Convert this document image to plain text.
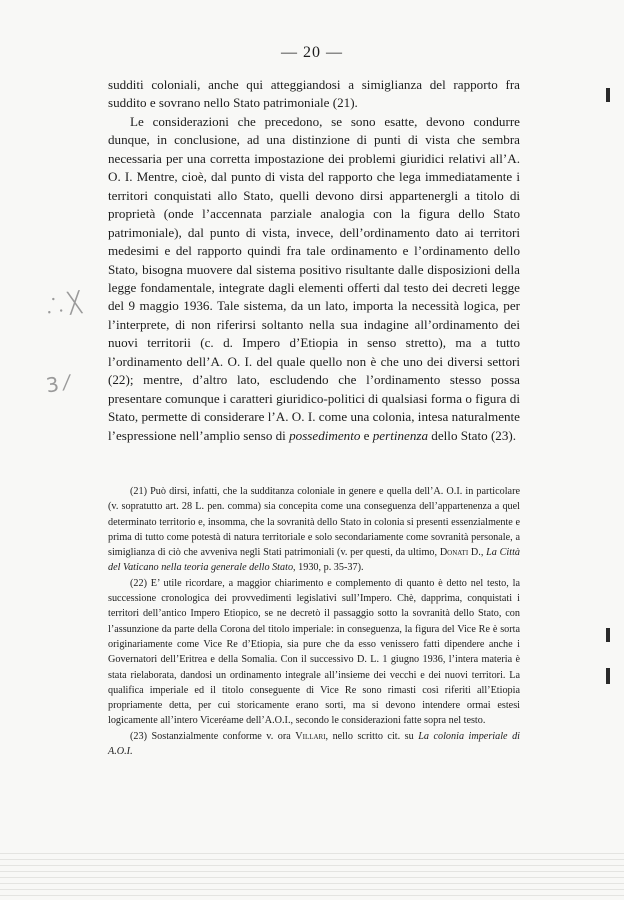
— 20 —
⸫ ╳
3 ⁄

sudditi coloniali, anche qui atteggiandosi a simiglianza del rapporto fra suddito e sovrano nello Stato patrimoniale (21).

Le considerazioni che precedono, se sono esatte, devono condurre dunque, in conclusione, ad una distinzione di punti di vista che sembra necessaria per una corretta impostazione dei problemi giuridici relativi all’A. O. I. Mentre, cioè, dal punto di vista del rapporto che lega immediatamente i territori conquistati allo Stato, quelli devono dirsi appartenergli a titolo di proprietà (onde l’accennata parziale analogia con la figura dello Stato patrimoniale), dal punto di vista, invece, dell’ordinamento dato ai territori medesimi e del rapporto quindi fra tale ordinamento e l’ordinamento dello Stato, bisogna muovere dal sistema positivo risultante dalle disposizioni della legge fondamentale, integrate dagli elementi offerti dal testo dei decreti legge del 9 maggio 1936. Tale sistema, da un lato, importa la necessità logica, per l’interprete, di non riferirsi soltanto nella sua indagine all’ordinamento dei nuovi territorii (c. d. Impero d’Etiopia in senso stretto), ma a tutto l’ordinamento dell’A. O. I. del quale quello non è che uno dei diversi settori (22); mentre, d’altro lato, escludendo che l’ordinamento stesso possa presentare comunque i caratteri giuridico-politici di qualsiasi forma o figura di Stato, permette di considerare l’A. O. I. come una colonia, intesa naturalmente l’espressione nell’amplio senso di possedimento e pertinenza dello Stato (23).

(21) Può dirsi, infatti, che la sudditanza coloniale in genere e quella dell’A. O.I. in particolare (v. sopratutto art. 28 L. pen. comma) sia concepita come una conseguenza dell’appartenenza a quel determinato territorio e, insomma, che la sovranità dello Stato in colonia si presenti essenzialmente e prima di tutto come potestà di natura territoriale e solo secondariamente come sovranità personale, a simiglianza di ciò che avveniva negli Stati patrimoniali (v. per questi, da ultimo, Donati D., La Città del Vaticano nella teoria generale dello Stato, 1930, p. 35-37).

(22) E’ utile ricordare, a maggior chiarimento e complemento di quanto è detto nel testo, la successione cronologica dei provvedimenti legislativi sull’Impero. Chè, dapprima, conquistati i territori dell’antico Impero Etiopico, se ne decretò il passaggio sotto la sovranità dello Stato, con l’assunzione da parte della Corona del titolo imperiale: in conseguenza, la figura del Vice Re è sorta originariamente come Vice Re d’Etiopia, sia pure che da esso venissero fatti dipendere anche i Governatori dell’Eritrea e della Somalia. Con il successivo D. L. 1 giugno 1936, l’intera materia è stata rielaborata, dandosi un ordinamento integrale all’insieme dei vecchi e dei nuovi territori. La qualifica imperiale ed il titolo conseguente di Vice Re sono rimasti così riferiti all’Etiopia propriamente detta, per cui storicamente erano sorti, ma si devono intendere ormai estesi logicamente all’intero Viceréame dell’A.O.I., secondo le considerazioni fatte sopra nel testo.

(23) Sostanzialmente conforme v. ora Villari, nello scritto cit. su La colonia imperiale di A.O.I.
